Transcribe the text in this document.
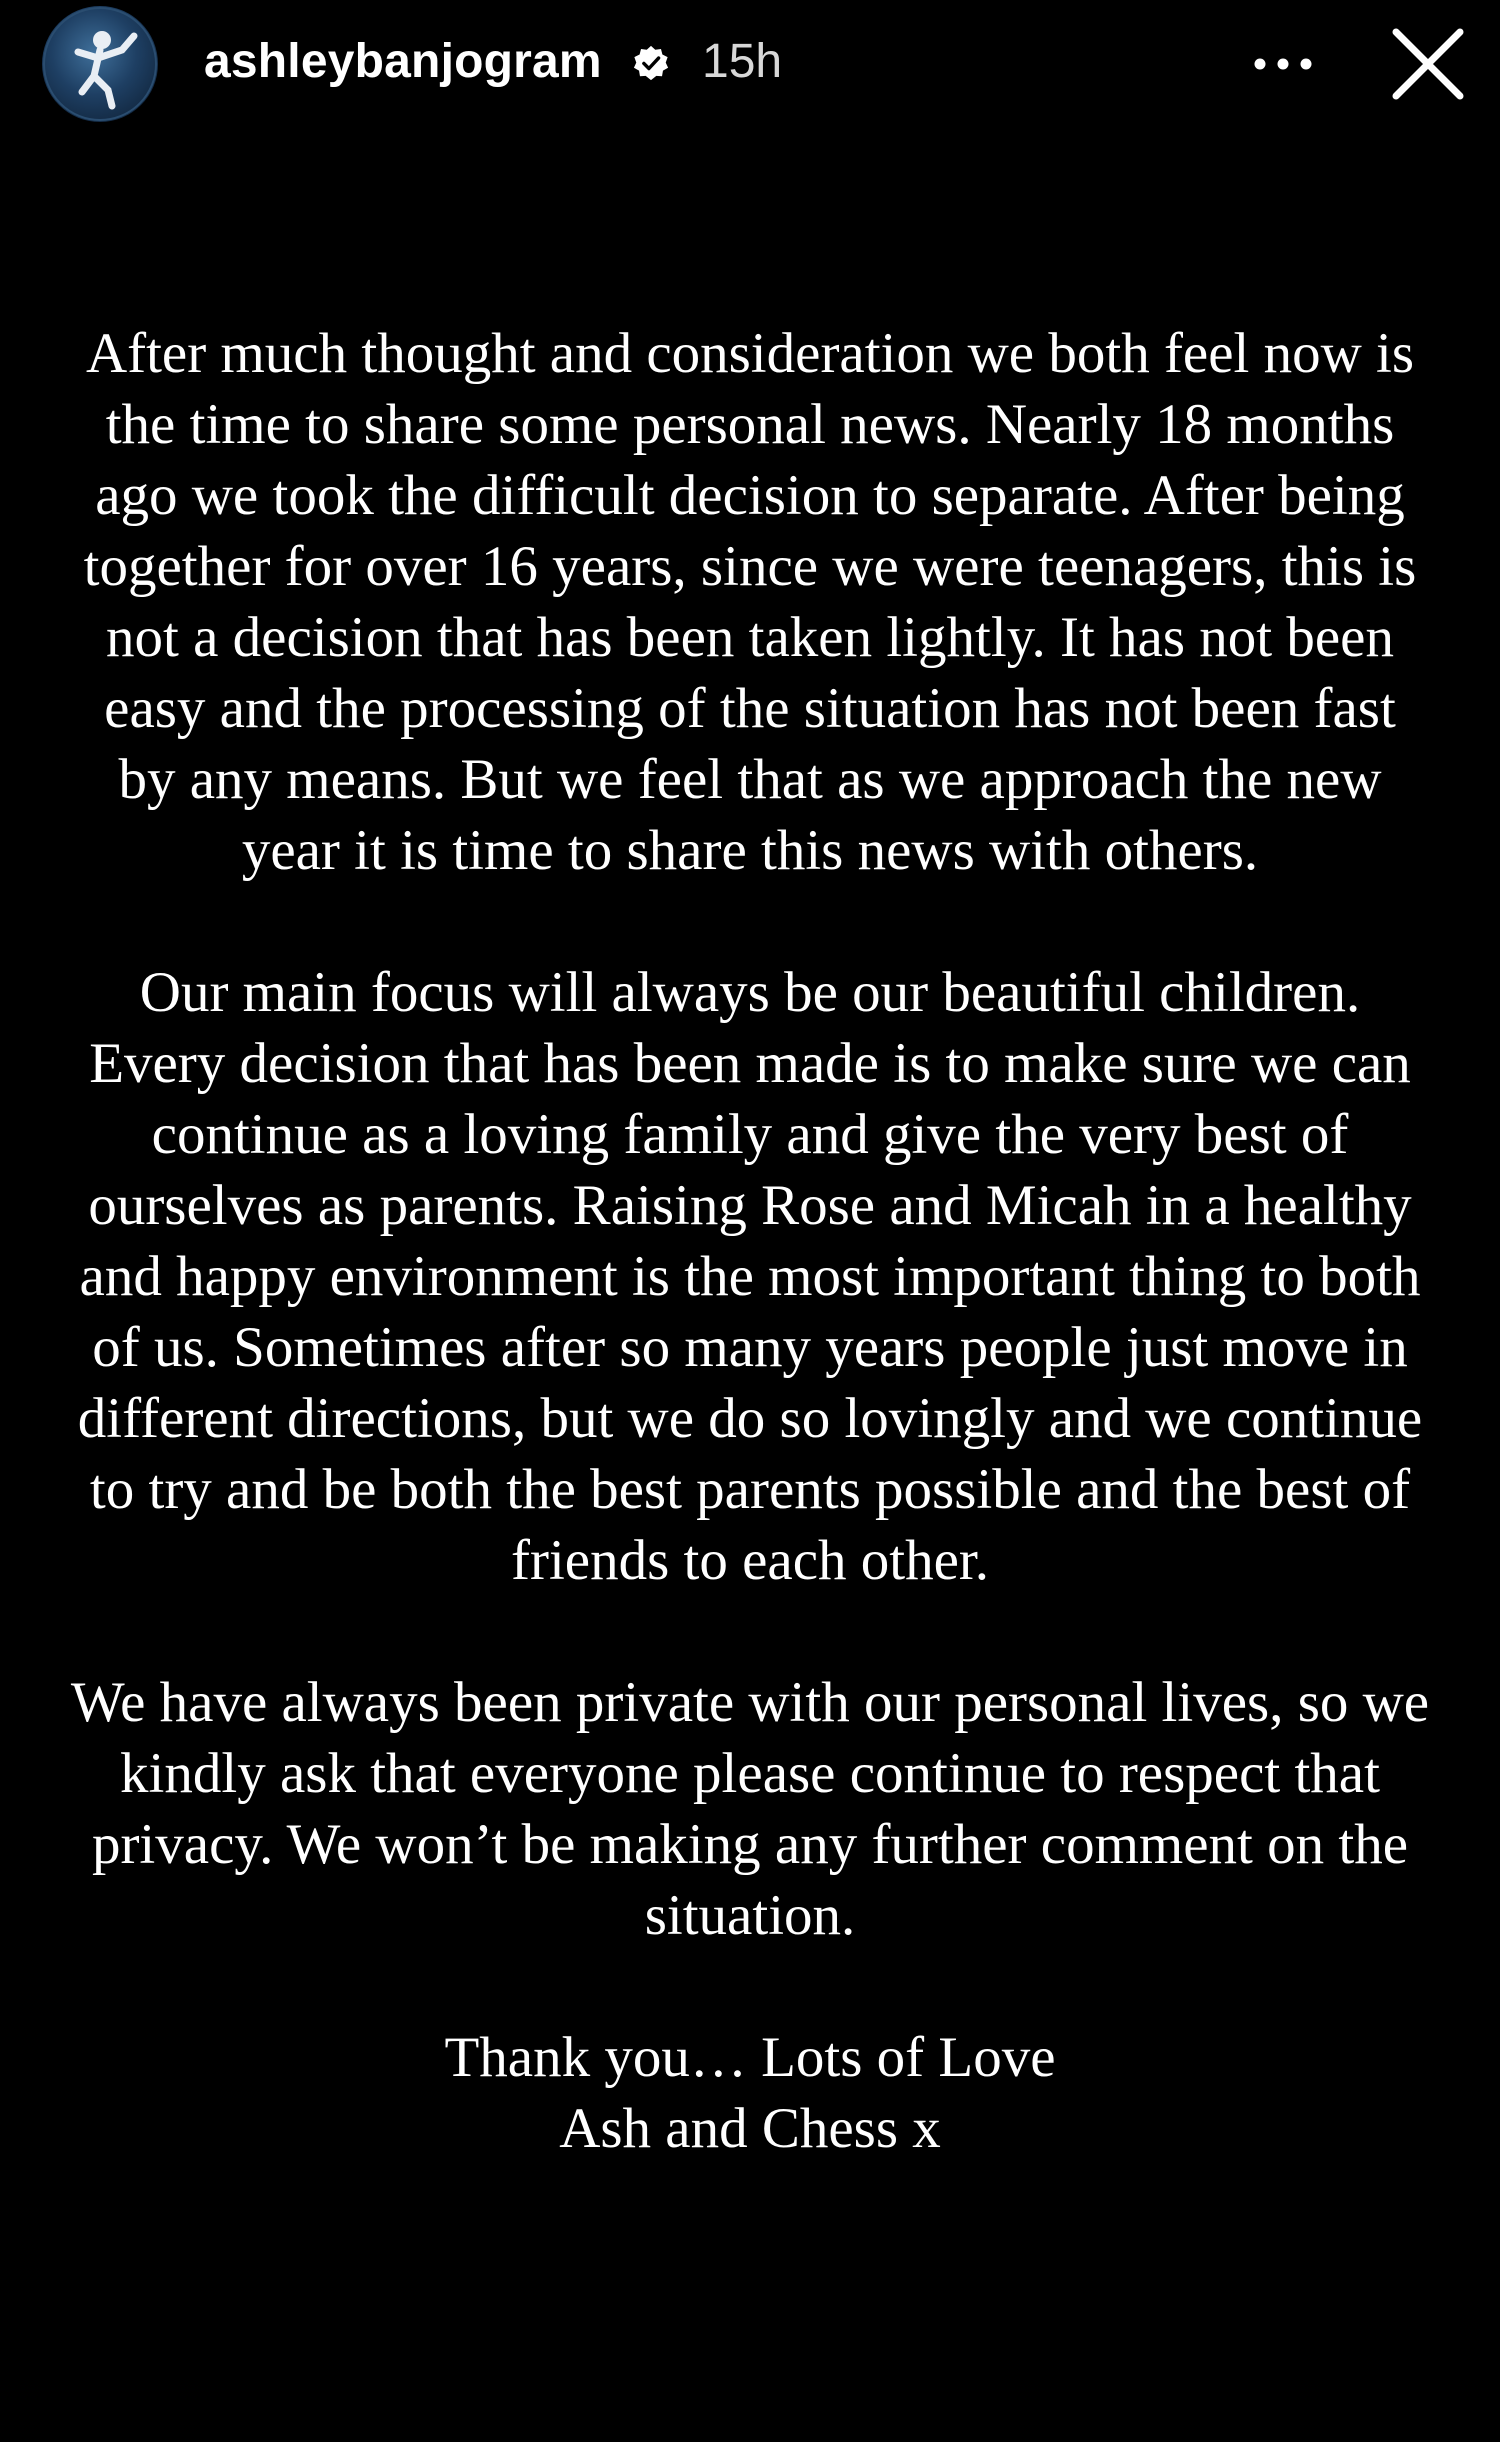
ashleybanjogram 15h

After much thought and consideration we both feel now is the time to share some personal news. Nearly 18 months ago we took the difficult decision to separate. After being together for over 16 years, since we were teenagers, this is not a decision that has been taken lightly. It has not been easy and the processing of the situation has not been fast by any means. But we feel that as we approach the new year it is time to share this news with others.

Our main focus will always be our beautiful children. Every decision that has been made is to make sure we can continue as a loving family and give the very best of ourselves as parents. Raising Rose and Micah in a healthy and happy environment is the most important thing to both of us. Sometimes after so many years people just move in different directions, but we do so lovingly and we continue to try and be both the best parents possible and the best of friends to each other.

We have always been private with our personal lives, so we kindly ask that everyone please continue to respect that privacy. We won’t be making any further comment on the situation.

Thank you… Lots of Love
Ash and Chess x
